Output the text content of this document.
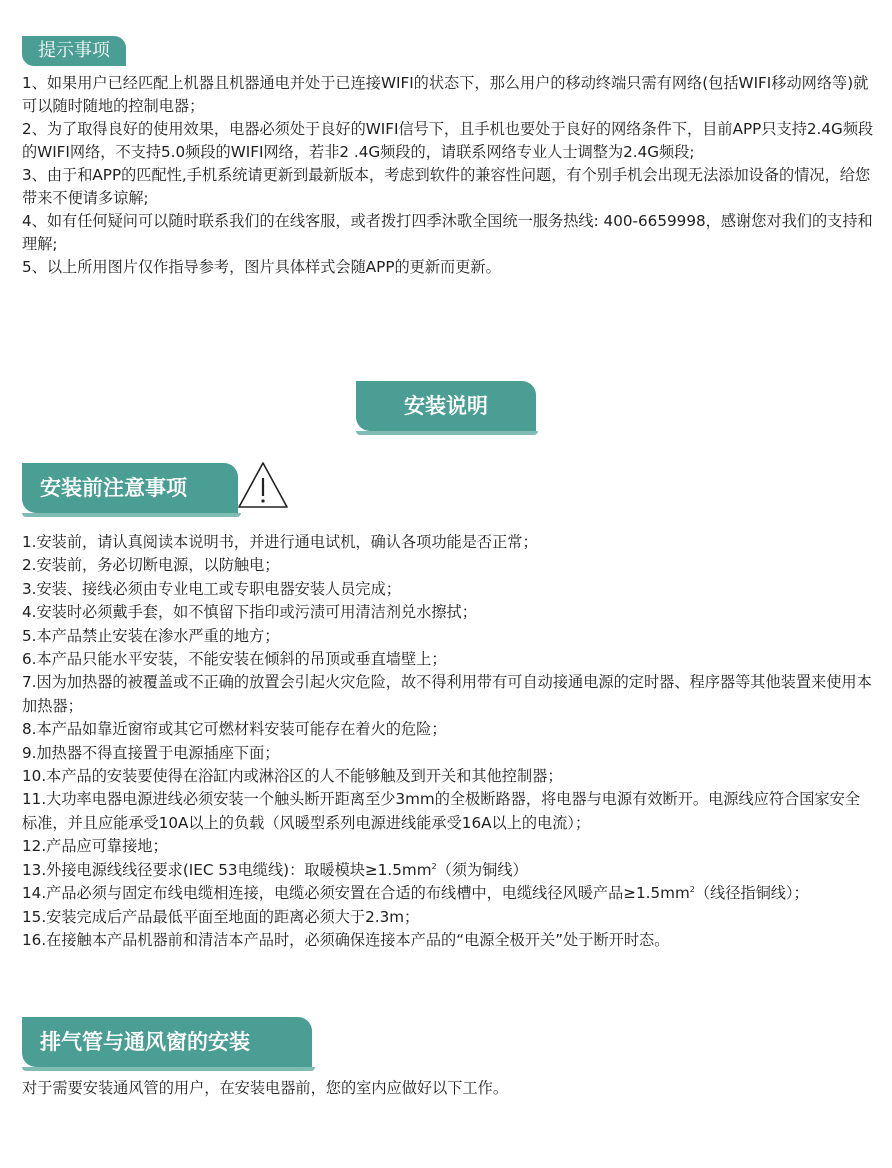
提示事项

1、如果用户已经匹配上机器且机器通电并处于已连接WIFI的状态下，那么用户的移动终端只需有网络(包括WIFI移动网络等)就可以随时随地的控制电器；

2、为了取得良好的使用效果，电器必须处于良好的WIFI信号下，且手机也要处于良好的网络条件下，目前APP只支持2.4G频段的WIFI网络，不支持5.0频段的WIFI网络，若非2 .4G频段的，请联系网络专业人士调整为2.4G频段;

3、由于和APP的匹配性,手机系统请更新到最新版本，考虑到软件的兼容性问题，有个别手机会出现无法添加设备的情况，给您带来不便请多谅解;

4、如有任何疑问可以随时联系我们的在线客服，或者拨打四季沐歌全国统一服务热线: 400-6659998，感谢您对我们的支持和理解;

5、以上所用图片仅作指导参考，图片具体样式会随APP的更新而更新。

安装说明
安装前注意事项
1.安装前，请认真阅读本说明书，并进行通电试机，确认各项功能是否正常；
2.安装前，务必切断电源，以防触电；
3.安装、接线必须由专业电工或专职电器安装人员完成；
4.安装时必须戴手套，如不慎留下指印或污渍可用清洁剂兑水擦拭；
5.本产品禁止安装在渗水严重的地方；
6.本产品只能水平安装，不能安装在倾斜的吊顶或垂直墙壁上；
7.因为加热器的被覆盖或不正确的放置会引起火灾危险，故不得利用带有可自动接通电源的定时器、程序器等其他装置来使用本加热器；
8.本产品如靠近窗帘或其它可燃材料安装可能存在着火的危险；
9.加热器不得直接置于电源插座下面；
10.本产品的安装要使得在浴缸内或淋浴区的人不能够触及到开关和其他控制器；
11.大功率电器电源进线必须安装一个触头断开距离至少3mm的全极断路器，将电器与电源有效断开。电源线应符合国家安全标准，并且应能承受10A以上的负载（风暖型系列电源进线能承受16A以上的电流）；
12.产品应可靠接地；
13.外接电源线线径要求(IEC 53电缆线)：取暖模块$\ge 1.5mm^2$（须为铜线）
14.产品必须与固定布线电缆相连接，电缆必须安置在合适的布线槽中，电缆线径风暖产品$\ge 1.5mm^2$（线径指铜线）；
15.安装完成后产品最低平面至地面的距离必须大于2.3m；
16.在接触本产品机器前和清洁本产品时，必须确保连接本产品的“电源全极开关”处于断开时态。
排气管与通风窗的安装
对于需要安装通风管的用户，在安装电器前，您的室内应做好以下工作。
